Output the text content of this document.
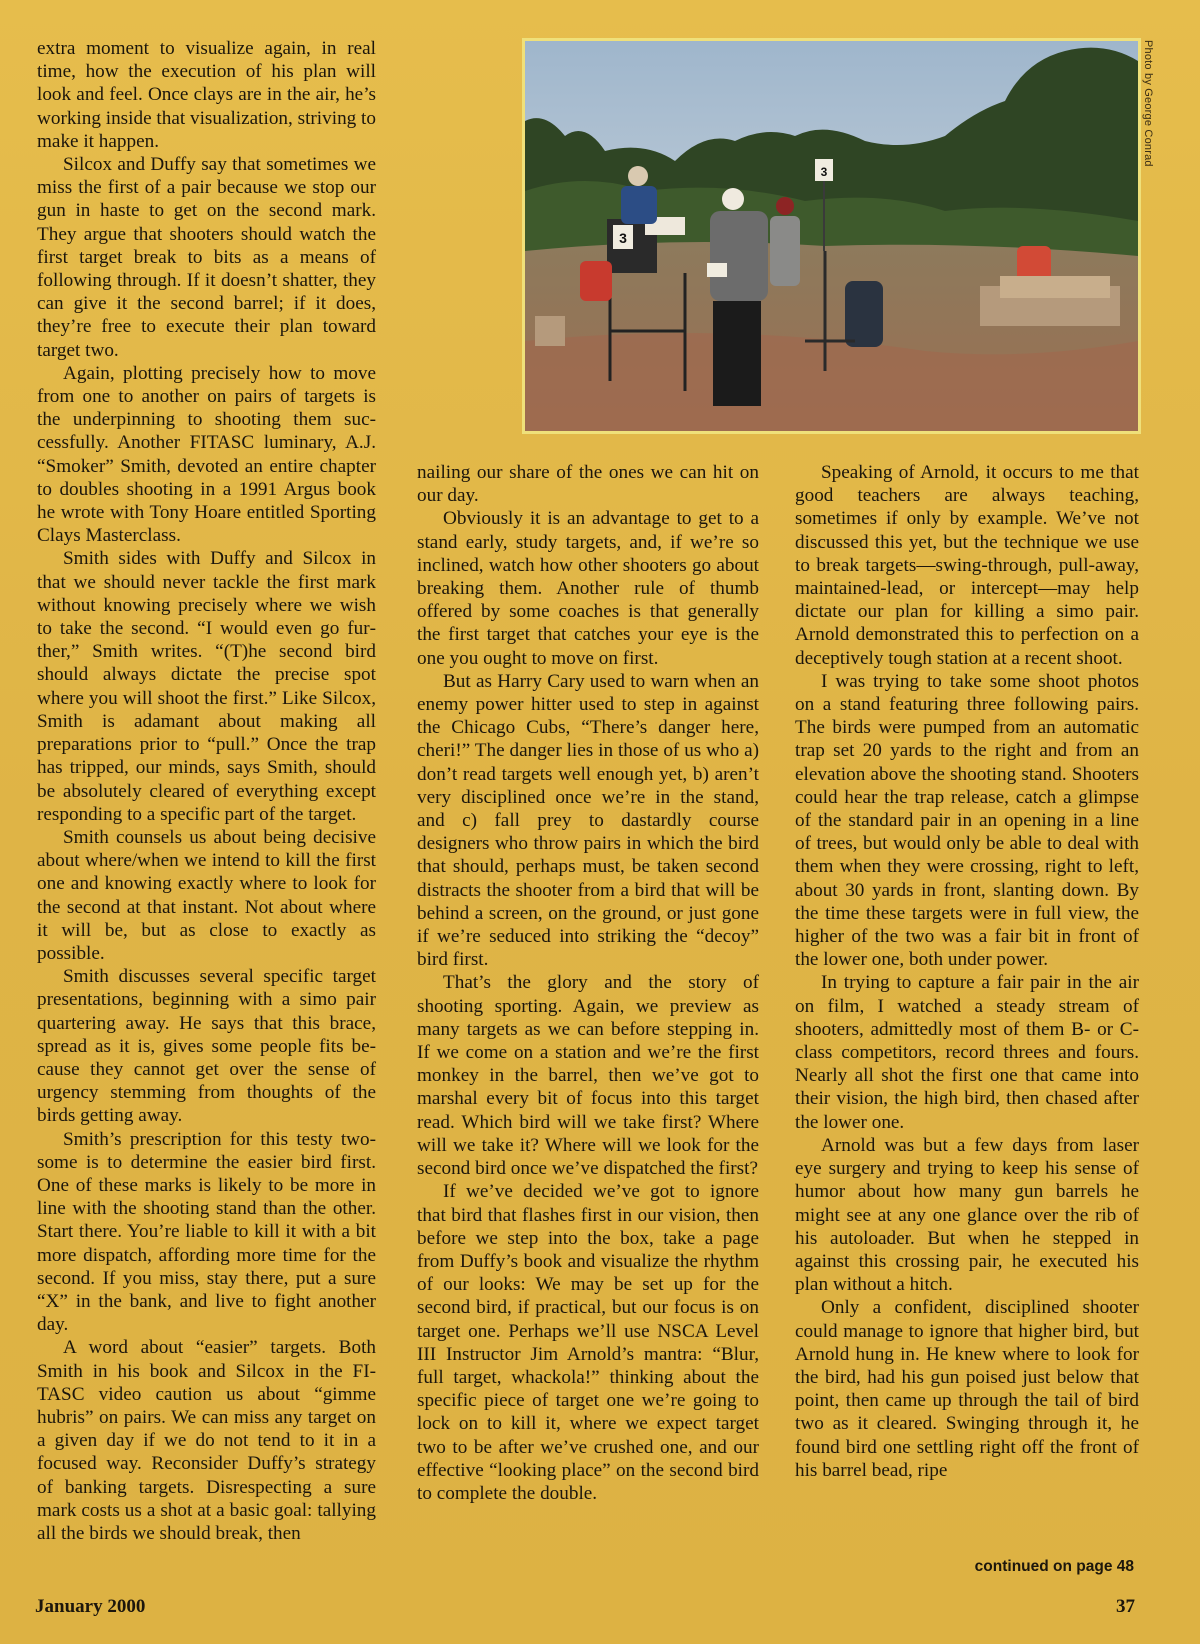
extra moment to visualize again, in real time, how the execution of his plan will look and feel. Once clays are in the air, he’s working inside that visualization, striving to make it happen.

Silcox and Duffy say that sometimes we miss the first of a pair because we stop our gun in haste to get on the second mark. They argue that shooters should watch the first target break to bits as a means of following through. If it doesn’t shatter, they can give it the second barrel; if it does, they’re free to execute their plan toward target two.

Again, plotting precisely how to move from one to another on pairs of targets is the underpinning to shooting them successfully. Another FITASC luminary, A.J. “Smoker” Smith, devoted an entire chapter to doubles shooting in a 1991 Argus book he wrote with Tony Hoare entitled Sporting Clays Masterclass.

Smith sides with Duffy and Silcox in that we should never tackle the first mark without knowing precisely where we wish to take the second. “I would even go further,” Smith writes. “(T)he second bird should always dictate the precise spot where you will shoot the first.” Like Silcox, Smith is adamant about making all preparations prior to “pull.” Once the trap has tripped, our minds, says Smith, should be absolutely cleared of everything except responding to a specific part of the target.

Smith counsels us about being decisive about where/when we intend to kill the first one and knowing exactly where to look for the second at that instant. Not about where it will be, but as close to exactly as possible.

Smith discusses several specific target presentations, beginning with a simo pair quartering away. He says that this brace, spread as it is, gives some people fits because they cannot get over the sense of urgency stemming from thoughts of the birds getting away.

Smith’s prescription for this testy twosome is to determine the easier bird first. One of these marks is likely to be more in line with the shooting stand than the other. Start there. You’re liable to kill it with a bit more dispatch, affording more time for the second. If you miss, stay there, put a sure “X” in the bank, and live to fight another day.

A word about “easier” targets. Both Smith in his book and Silcox in the FITASC video caution us about “gimme hubris” on pairs. We can miss any target on a given day if we do not tend to it in a focused way. Reconsider Duffy’s strategy of banking targets. Disrespecting a sure mark costs us a shot at a basic goal: tallying all the birds we should break, then

3
3
Photo by George Conrad

nailing our share of the ones we can hit on our day.

Obviously it is an advantage to get to a stand early, study targets, and, if we’re so inclined, watch how other shooters go about breaking them. Another rule of thumb offered by some coaches is that generally the first target that catches your eye is the one you ought to move on first.

But as Harry Cary used to warn when an enemy power hitter used to step in against the Chicago Cubs, “There’s danger here, cheri!” The danger lies in those of us who a) don’t read targets well enough yet, b) aren’t very disciplined once we’re in the stand, and c) fall prey to dastardly course designers who throw pairs in which the bird that should, perhaps must, be taken second distracts the shooter from a bird that will be behind a screen, on the ground, or just gone if we’re seduced into striking the “decoy” bird first.

That’s the glory and the story of shooting sporting. Again, we preview as many targets as we can before stepping in. If we come on a station and we’re the first monkey in the barrel, then we’ve got to marshal every bit of focus into this target read. Which bird will we take first? Where will we take it? Where will we look for the second bird once we’ve dispatched the first?

If we’ve decided we’ve got to ignore that bird that flashes first in our vision, then before we step into the box, take a page from Duffy’s book and visualize the rhythm of our looks: We may be set up for the second bird, if practical, but our focus is on target one. Perhaps we’ll use NSCA Level III Instructor Jim Arnold’s mantra: “Blur, full target, whackola!” thinking about the specific piece of target one we’re going to lock on to kill it, where we expect target two to be after we’ve crushed one, and our effective “looking place” on the second bird to complete the double.

Speaking of Arnold, it occurs to me that good teachers are always teaching, sometimes if only by example. We’ve not discussed this yet, but the technique we use to break targets—swing-through, pull-away, maintained-lead, or intercept—may help dictate our plan for killing a simo pair. Arnold demonstrated this to perfection on a deceptively tough station at a recent shoot.

I was trying to take some shoot photos on a stand featuring three following pairs. The birds were pumped from an automatic trap set 20 yards to the right and from an elevation above the shooting stand. Shooters could hear the trap release, catch a glimpse of the standard pair in an opening in a line of trees, but would only be able to deal with them when they were crossing, right to left, about 30 yards in front, slanting down. By the time these targets were in full view, the higher of the two was a fair bit in front of the lower one, both under power.

In trying to capture a fair pair in the air on film, I watched a steady stream of shooters, admittedly most of them B- or C-class competitors, record threes and fours. Nearly all shot the first one that came into their vision, the high bird, then chased after the lower one.

Arnold was but a few days from laser eye surgery and trying to keep his sense of humor about how many gun barrels he might see at any one glance over the rib of his autoloader. But when he stepped in against this crossing pair, he executed his plan without a hitch.

Only a confident, disciplined shooter could manage to ignore that higher bird, but Arnold hung in. He knew where to look for the bird, had his gun poised just below that point, then came up through the tail of bird two as it cleared. Swinging through it, he found bird one settling right off the front of his barrel bead, ripe

continued on page 48
January 2000	37
